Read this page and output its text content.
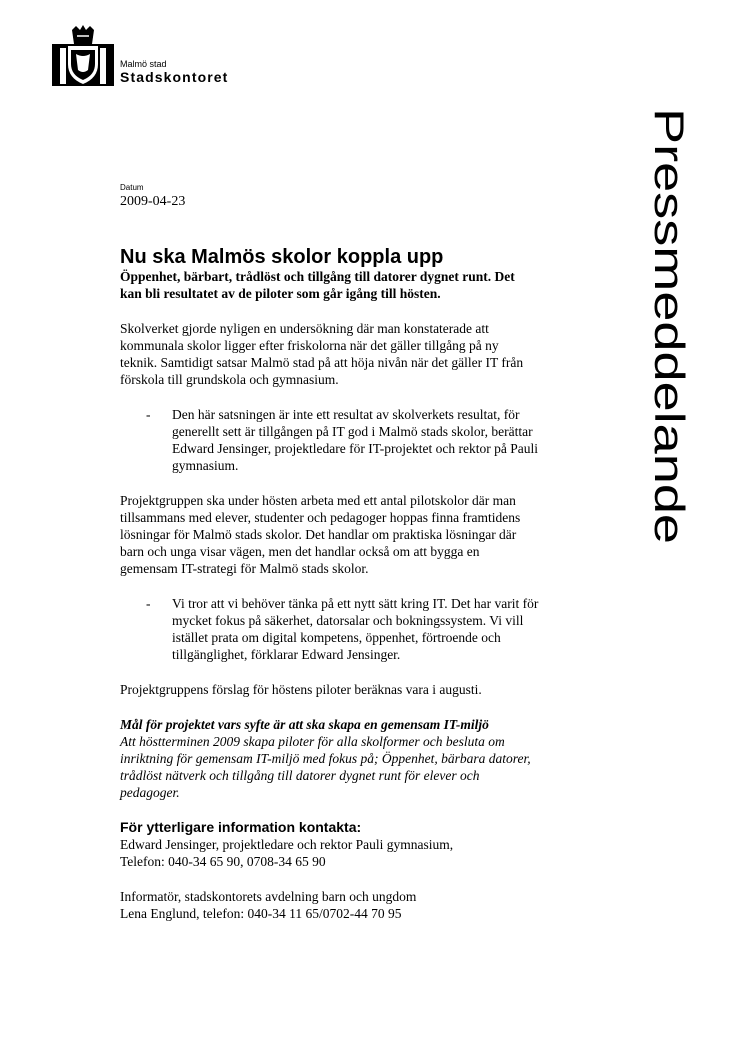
Malmö stad
Stadskontoret
Pressmeddelande
Datum
2009-04-23
Nu ska Malmös skolor koppla upp

Öppenhet, bärbart, trådlöst och tillgång till datorer dygnet runt. Det

kan bli resultatet av de piloter som går igång till hösten.

Skolverket gjorde nyligen en undersökning där man konstaterade att

kommunala skolor ligger efter friskolorna när det gäller tillgång på ny

teknik. Samtidigt satsar Malmö stad på att höja nivån när det gäller IT från

förskola till grundskola och gymnasium.

- Den här satsningen är inte ett resultat av skolverkets resultat, för

generellt sett är tillgången på IT god i Malmö stads skolor, berättar

Edward Jensinger, projektledare för IT-projektet och rektor på Pauli

gymnasium.

Projektgruppen ska under hösten arbeta med ett antal pilotskolor där man

tillsammans med elever, studenter och pedagoger hoppas finna framtidens

lösningar för Malmö stads skolor. Det handlar om praktiska lösningar där

barn och unga visar vägen, men det handlar också om att bygga en

gemensam IT-strategi för Malmö stads skolor.

- Vi tror att vi behöver tänka på ett nytt sätt kring IT. Det har varit för

mycket fokus på säkerhet, datorsalar och bokningssystem. Vi vill

istället prata om digital kompetens, öppenhet, förtroende och

tillgänglighet, förklarar Edward Jensinger.

Projektgruppens förslag för höstens piloter beräknas vara i augusti.

Mål för projektet vars syfte är att ska skapa en gemensam IT-miljö

Att höstterminen 2009 skapa piloter för alla skolformer och besluta om

inriktning för gemensam IT-miljö med fokus på; Öppenhet, bärbara datorer,

trådlöst nätverk och tillgång till datorer dygnet runt för elever och

pedagoger.

För ytterligare information kontakta:

Edward Jensinger, projektledare och rektor Pauli gymnasium,

Telefon: 040-34 65 90, 0708-34 65 90

Informatör, stadskontorets avdelning barn och ungdom

Lena Englund, telefon: 040-34 11 65/0702-44 70 95
